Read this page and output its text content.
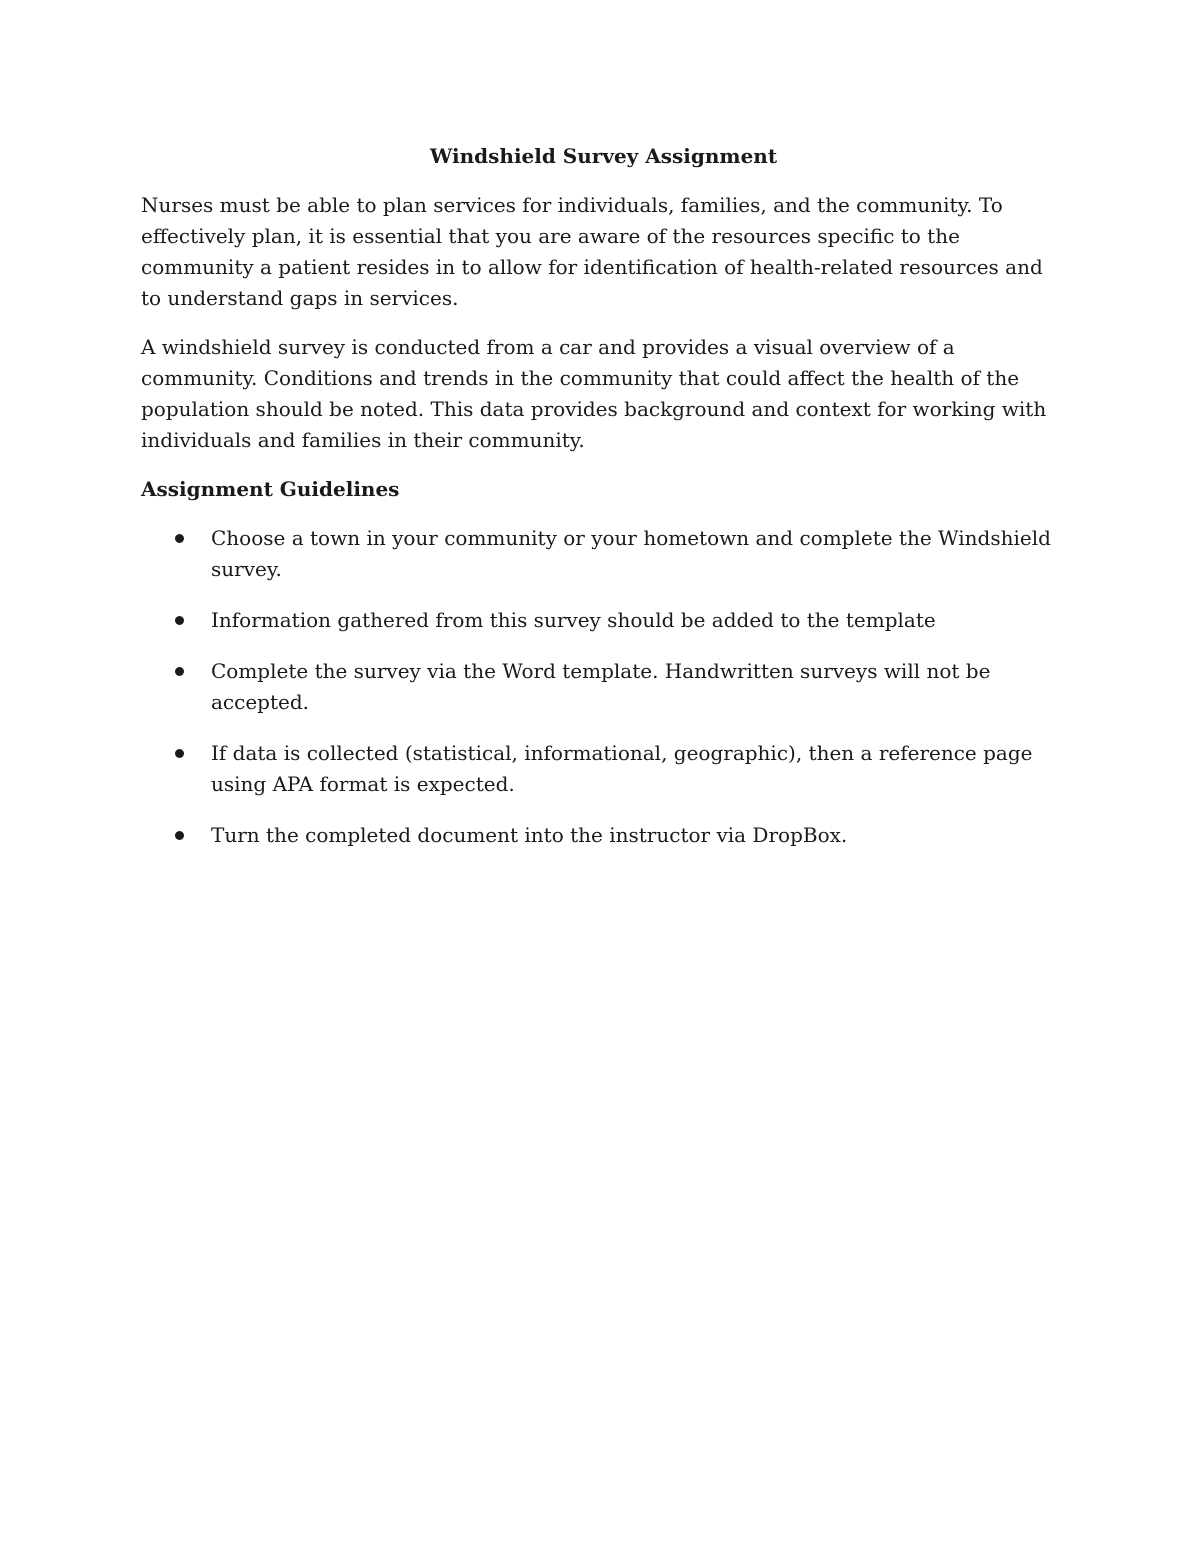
Windshield Survey Assignment

Nurses must be able to plan services for individuals, families, and the community. To effectively plan, it is essential that you are aware of the resources specific to the community a patient resides in to allow for identification of health-related resources and to understand gaps in services.

A windshield survey is conducted from a car and provides a visual overview of a community. Conditions and trends in the community that could affect the health of the population should be noted. This data provides background and context for working with individuals and families in their community.

Assignment Guidelines
Choose a town in your community or your hometown and complete the Windshield survey.
Information gathered from this survey should be added to the template
Complete the survey via the Word template. Handwritten surveys will not be accepted.
If data is collected (statistical, informational, geographic), then a reference page using APA format is expected.
Turn the completed document into the instructor via DropBox.
